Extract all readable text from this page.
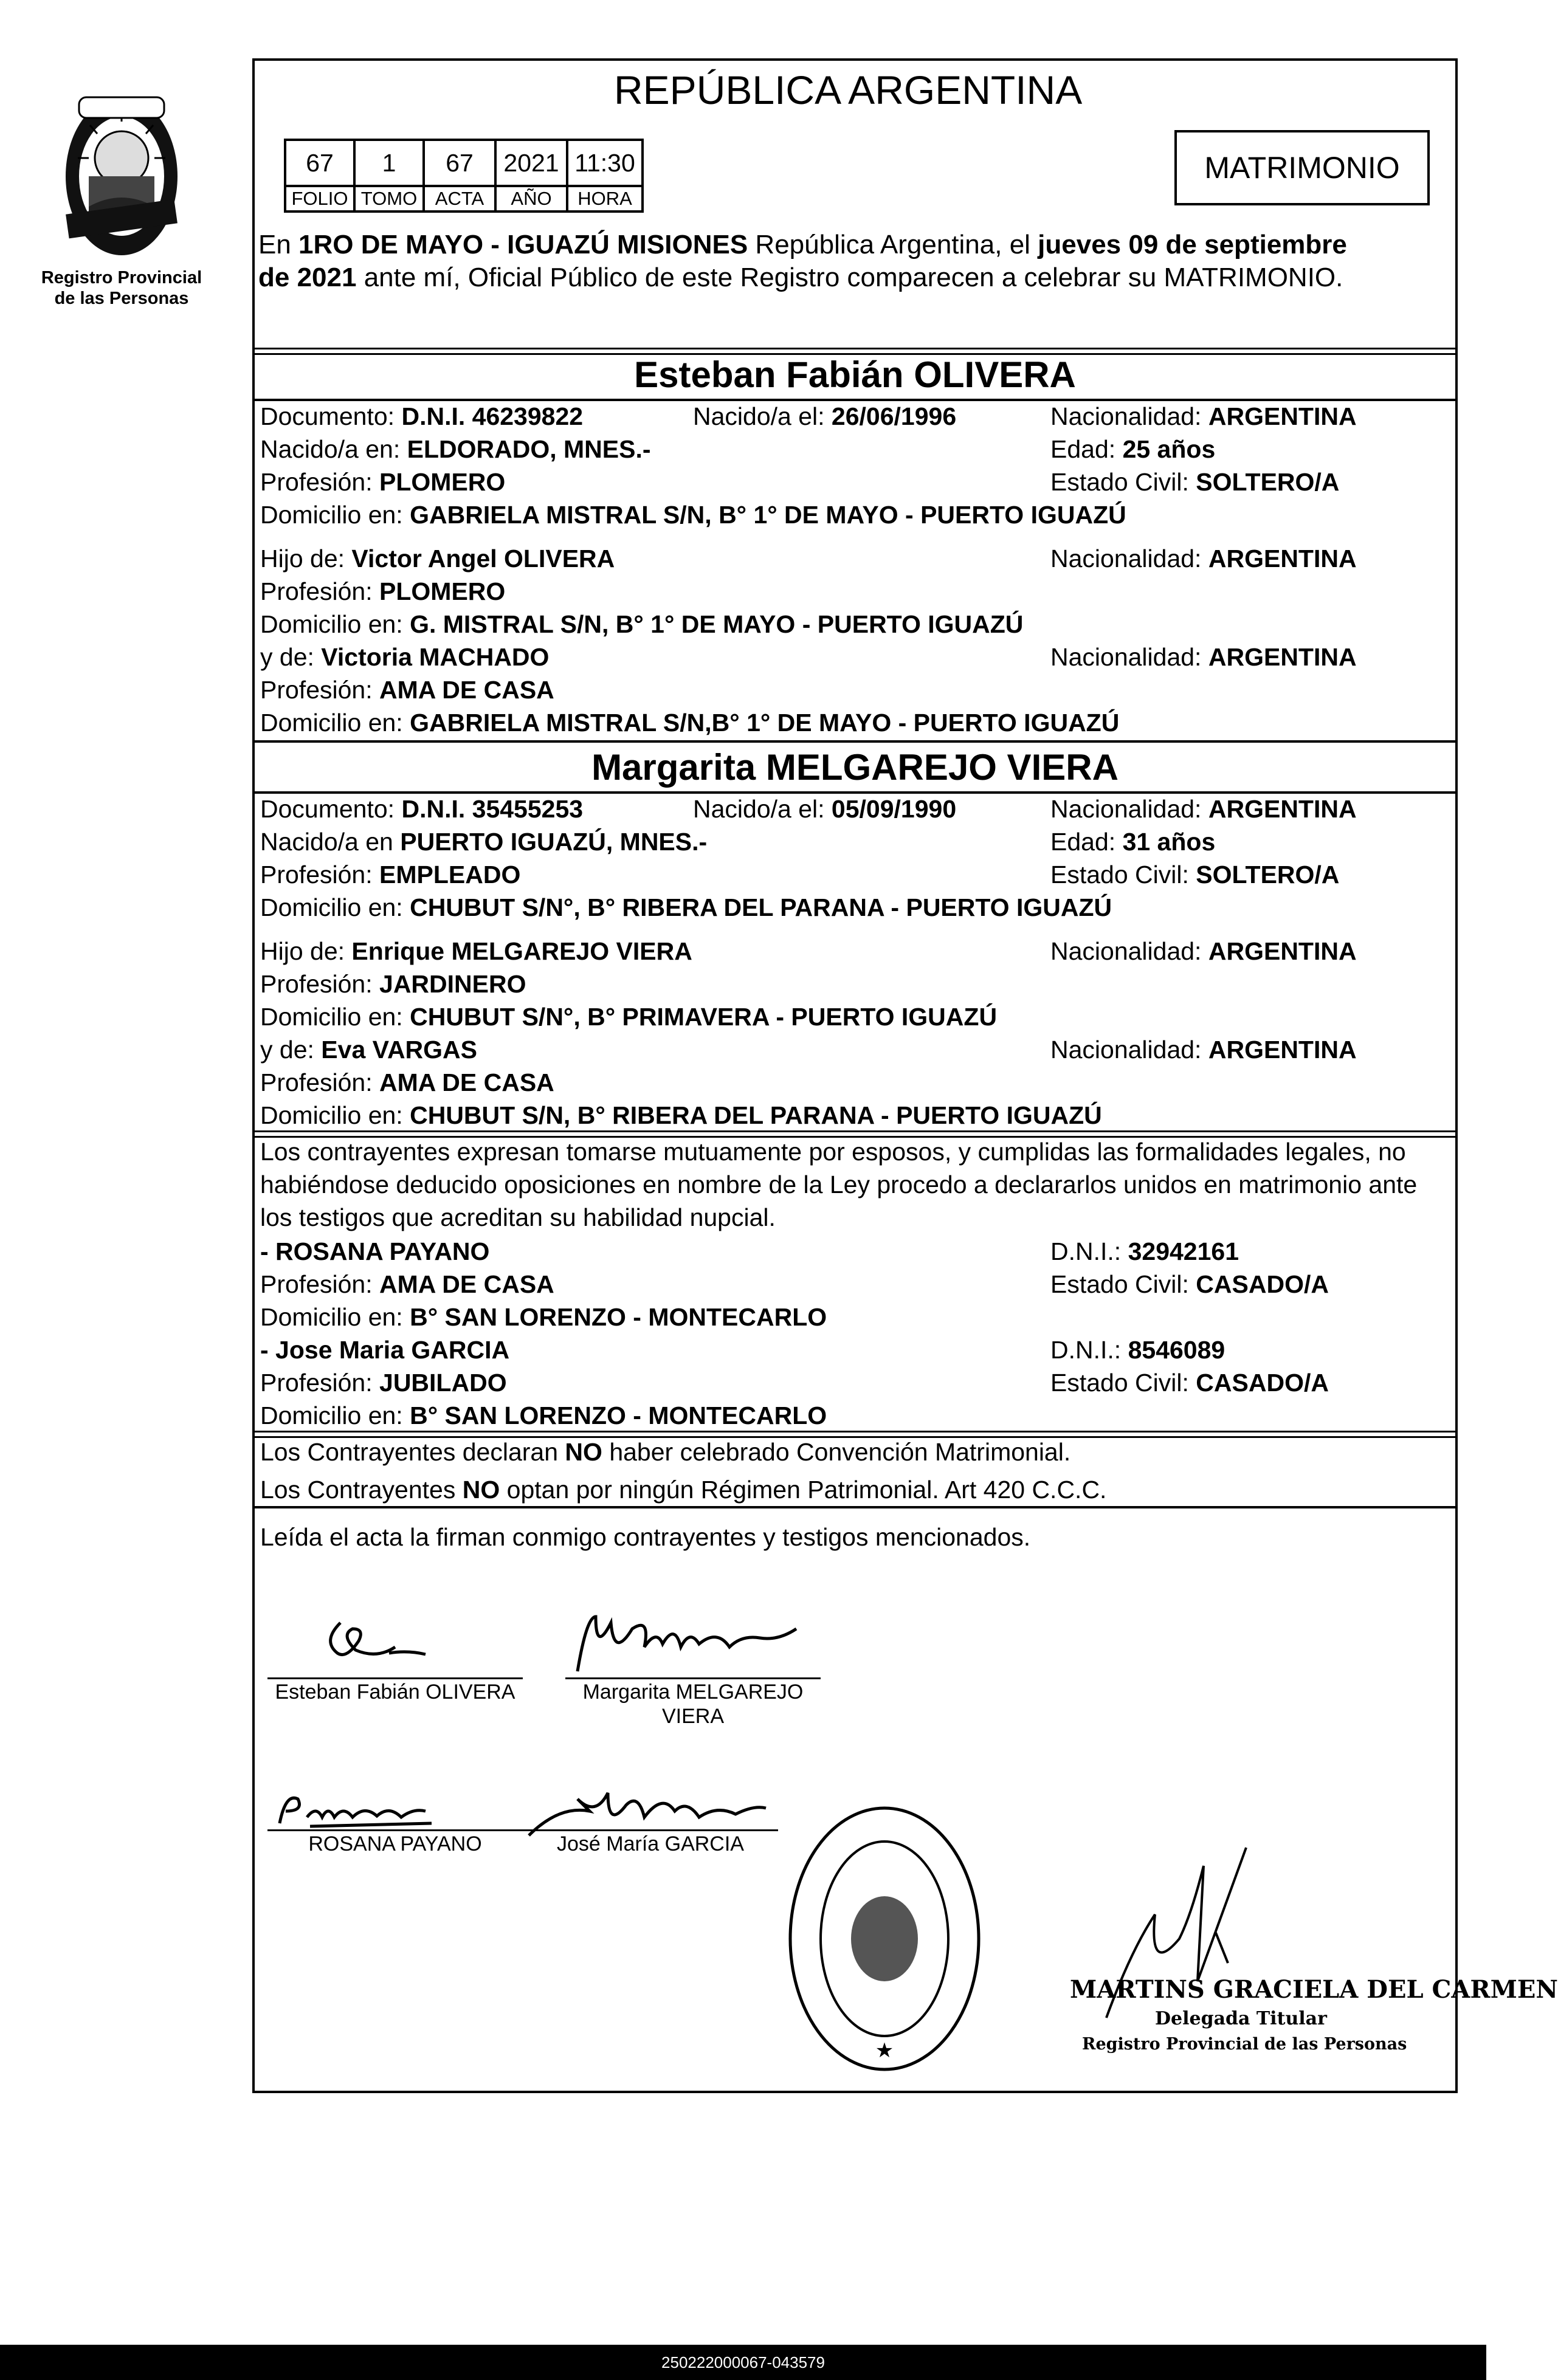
Registro Provincial
de las Personas
REPÚBLICA ARGENTINA
67	1	67	2021	11:30
FOLIO	TOMO	ACTA	AÑO	HORA
MATRIMONIO
En 1RO DE MAYO - IGUAZÚ MISIONES República Argentina, el jueves 09 de septiembre
de 2021 ante mí, Oficial Público de este Registro comparecen a celebrar su MATRIMONIO.
Esteban Fabián OLIVERA
Documento: D.N.I. 46239822	Nacido/a el: 26/06/1996	Nacionalidad: ARGENTINA
Nacido/a en: ELDORADO, MNES.-	Edad: 25 años
Profesión: PLOMERO	Estado Civil: SOLTERO/A
Domicilio en: GABRIELA MISTRAL S/N, B° 1° DE MAYO - PUERTO IGUAZÚ
Hijo de: Victor Angel OLIVERA	Nacionalidad: ARGENTINA
Profesión: PLOMERO
Domicilio en: G. MISTRAL S/N, B° 1° DE MAYO - PUERTO IGUAZÚ
y de: Victoria MACHADO	Nacionalidad: ARGENTINA
Profesión: AMA DE CASA
Domicilio en: GABRIELA MISTRAL S/N,B° 1° DE MAYO - PUERTO IGUAZÚ
Margarita MELGAREJO VIERA
Documento: D.N.I. 35455253	Nacido/a el: 05/09/1990	Nacionalidad: ARGENTINA
Nacido/a en PUERTO IGUAZÚ, MNES.-	Edad: 31 años
Profesión: EMPLEADO	Estado Civil: SOLTERO/A
Domicilio en: CHUBUT S/N°, B° RIBERA DEL PARANA - PUERTO IGUAZÚ
Hijo de: Enrique MELGAREJO VIERA	Nacionalidad: ARGENTINA
Profesión: JARDINERO
Domicilio en: CHUBUT S/N°, B° PRIMAVERA - PUERTO IGUAZÚ
y de: Eva VARGAS	Nacionalidad: ARGENTINA
Profesión: AMA DE CASA
Domicilio en: CHUBUT S/N, B° RIBERA DEL PARANA - PUERTO IGUAZÚ
Los contrayentes expresan tomarse mutuamente por esposos, y cumplidas las formalidades legales, no
habiéndose deducido oposiciones en nombre de la Ley procedo a declararlos unidos en matrimonio ante
los testigos que acreditan su habilidad nupcial.
- ROSANA PAYANO	D.N.I.: 32942161
Profesión: AMA DE CASA	Estado Civil: CASADO/A
Domicilio en: B° SAN LORENZO - MONTECARLO
- Jose Maria GARCIA	D.N.I.: 8546089
Profesión: JUBILADO	Estado Civil: CASADO/A
Domicilio en: B° SAN LORENZO - MONTECARLO
Los Contrayentes declaran NO haber celebrado Convención Matrimonial.
Los Contrayentes NO optan por ningún Régimen Patrimonial. Art 420 C.C.C.
Leída el acta la firman conmigo contrayentes y testigos mencionados.
Esteban Fabián OLIVERA	Margarita MELGAREJO
VIERA
ROSANA PAYANO	José María GARCIA
★
MARTINS GRACIELA DEL CARMEN
Delegada Titular
Registro Provincial de las Personas
250222000067-043579
